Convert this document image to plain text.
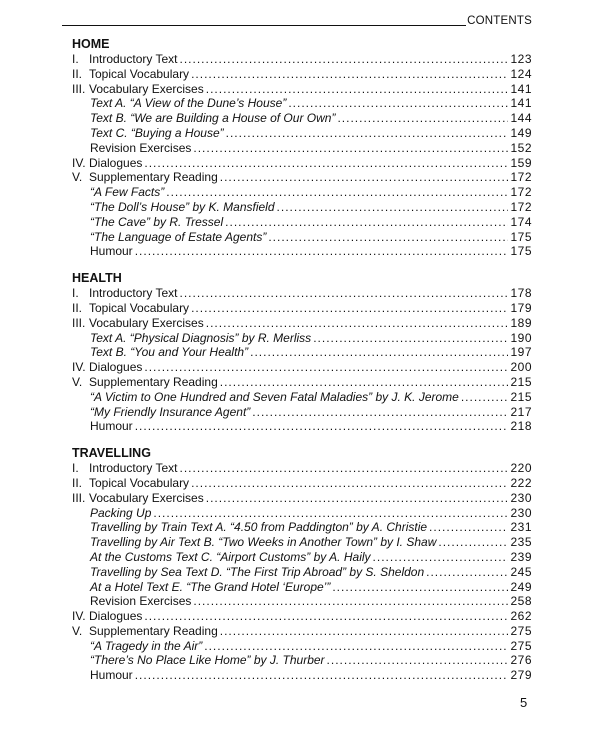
CONTENTS
HOME
I. Introductory Text .....	123
II. Topical Vocabulary .....	124
III. Vocabulary Exercises .....	141
Text A. “A View of the Dune’s House” .....	141
Text B. “We are Building a House of Our Own” .....	144
Text C. “Buying a House” .....	149
Revision Exercises .....	152
IV. Dialogues .....	159
V. Supplementary Reading .....	172
“A Few Facts” .....	172
“The Doll’s House” by K. Mansfield .....	172
“The Cave” by R. Tressel .....	174
“The Language of Estate Agents” .....	175
Humour .....	175
HEALTH
I. Introductory Text .....	178
II. Topical Vocabulary .....	179
III. Vocabulary Exercises .....	189
Text A. “Physical Diagnosis” by R. Merliss .....	190
Text B. “You and Your Health” .....	197
IV. Dialogues .....	200
V. Supplementary Reading .....	215
“A Victim to One Hundred and Seven Fatal Maladies” by J. K. Jerome .....	215
“My Friendly Insurance Agent” .....	217
Humour .....	218
TRAVELLING
I. Introductory Text .....	220
II. Topical Vocabulary .....	222
III. Vocabulary Exercises .....	230
Packing Up .....	230
Travelling by Train Text A. “4.50 from Paddington” by A. Christie .....	231
Travelling by Air Text B. “Two Weeks in Another Town” by I. Shaw .....	235
At the Customs Text C. “Airport Customs” by A. Haily .....	239
Travelling by Sea Text D. “The First Trip Abroad” by S. Sheldon .....	245
At a Hotel Text E. “The Grand Hotel ‘Europe’” .....	249
Revision Exercises .....	258
IV. Dialogues .....	262
V. Supplementary Reading .....	275
“A Tragedy in the Air” .....	275
“There’s No Place Like Home” by J. Thurber .....	276
Humour .....	279
5
